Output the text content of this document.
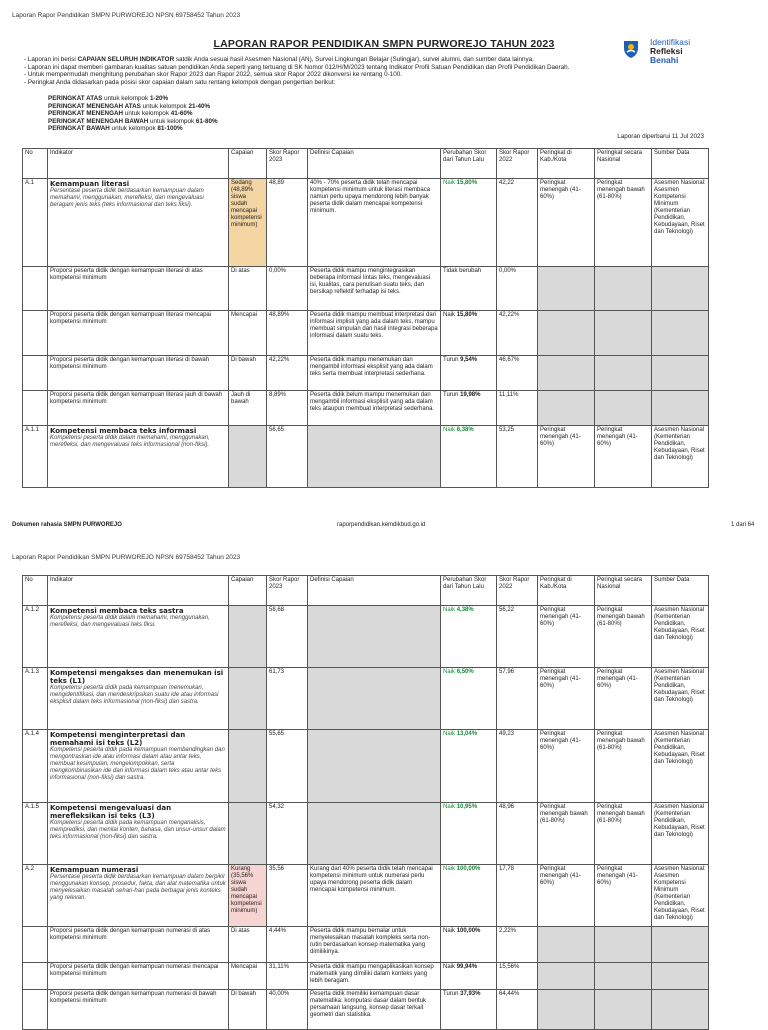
Laporan Rapor Pendidikan SMPN PURWOREJO NPSN 69758452 Tahun 2023
LAPORAN RAPOR PENDIDIKAN SMPN PURWOREJO TAHUN 2023	Identifikasi
Refleksi
Benahi
- Laporan ini berisi CAPAIAN SELURUH INDIKATOR satdik Anda sesuai hasil Asesmen Nasional (AN), Survei Lingkungan Belajar (Sulingjar), survei alumni, dan sumber data lainnya.
- Laporan ini dapat memberi gambaran kualitas satuan pendidikan Anda seperti yang tertuang di SK Nomor 012/H/M/2023 tentang Indikator Profil Satuan Pendidikan dan Profil Pendidikan Daerah.
- Untuk mempermudah menghitung perubahan skor Rapor 2023 dan Rapor 2022, semua skor Rapor 2022 dikonversi ke rentang 0-100.
- Peringkat Anda didasarkan pada posisi skor capaian dalam satu rentang kelompok dengan pengertian berikut:
PERINGKAT ATAS untuk kelompok 1-20%
PERINGKAT MENENGAH ATAS untuk kelompok 21-40%
PERINGKAT MENENGAH untuk kelompok 41-60%
PERINGKAT MENENGAH BAWAH untuk kelompok 61-80%
PERINGKAT BAWAH untuk kelompok 81-100%
Laporan diperbarui 11 Jul 2023
No	Indikator	Capaian	Skor Rapor 2023	Definisi Capaian	Perubahan Skor dari Tahun Lalu	Skor Rapor 2022	Peringkat di Kab./Kota	Peringkat secara Nasional	Sumber Data
A.1	Kemampuan literasi
Persentase peserta didik berdasarkan kemampuan dalam memahami, menggunakan, merefleksi, dan mengevaluasi beragam jenis teks (teks informasional dan teks fiksi).	Sedang (48,89% siswa sudah mencapai kompetensi minimum)	48,89	40% - 70% peserta didik telah mencapai kompetensi minimum untuk literasi membaca namun perlu upaya mendorong lebih banyak peserta didik dalam mencapai kompetensi minimum.	Naik 15,80%	42,22	Peringkat menengah (41-60%)	Peringkat menengah bawah (61-80%)	Asesmen Nasional: Asesmen Kompetensi Minimum (Kementerian Pendidikan, Kebudayaan, Riset dan Teknologi)

	Proporsi peserta didik dengan kemampuan literasi di atas kompetensi minimum	Di atas	0,00%	Peserta didik mampu mengintegrasikan beberapa informasi lintas teks, mengevaluasi isi, kualitas, cara penulisan suatu teks, dan bersikap reflektif terhadap isi teks.	Tidak berubah	0,00%			

	Proporsi peserta didik dengan kemampuan literasi mencapai kompetensi minimum	Mencapai	48,89%	Peserta didik mampu membuat interpretasi dari informasi implisit yang ada dalam teks, mampu membuat simpulan dari hasil integrasi beberapa informasi dalam suatu teks.	Naik 15,80%	42,22%			

	Proporsi peserta didik dengan kemampuan literasi di bawah kompetensi minimum	Di bawah	42,22%	Peserta didik mampu menemukan dan mengambil informasi eksplisit yang ada dalam teks serta membuat interpretasi sederhana.	Turun 9,54%	46,67%			

	Proporsi peserta didik dengan kemampuan literasi jauh di bawah kompetensi minimum	Jauh di bawah	8,89%	Peserta didik belum mampu menemukan dan mengambil informasi eksplisit yang ada dalam teks ataupun membuat interpretasi sederhana.	Turun 19,98%	11,11%			
A.1.1	Kompetensi membaca teks informasi
Kompetensi peserta didik dalam memahami, menggunakan, merefleksi, dan mengevaluasi teks informasional (non-fiksi).		56,65		Naik 6,38%	53,25	Peringkat menengah (41-60%)	Peringkat menengah (41-60%)	Asesmen Nasional (Kementerian Pendidikan, Kebudayaan, Riset dan Teknologi)
Dokumen rahasia SMPN PURWOREJO	raporpendidikan.kemdikbud.go.id	1 dari 64
Laporan Rapor Pendidikan SMPN PURWOREJO NPSN 69758452 Tahun 2023
No	Indikator	Capaian	Skor Rapor 2023	Definisi Capaian	Perubahan Skor dari Tahun Lalu	Skor Rapor 2022	Peringkat di Kab./Kota	Peringkat secara Nasional	Sumber Data
A.1.2	Kompetensi membaca teks sastra
Kompetensi peserta didik dalam memahami, menggunakan, merefleksi, dan mengevaluasi teks fiksi.		58,68		Naik 4,38%	56,22	Peringkat menengah (41-60%)	Peringkat menengah bawah (61-80%)	Asesmen Nasional (Kementerian Pendidikan, Kebudayaan, Riset dan Teknologi)
A.1.3	Kompetensi mengakses dan menemukan isi teks (L1)
Kompetensi peserta didik pada kemampuan menemukan, mengidentifikasi, dan mendeskripsikan suatu ide atau informasi eksplisit dalam teks informasional (non-fiksi) dan sastra.		61,73		Naik 6,50%	57,96	Peringkat menengah (41-60%)	Peringkat menengah (41-60%)	Asesmen Nasional (Kementerian Pendidikan, Kebudayaan, Riset dan Teknologi)
A.1.4	Kompetensi menginterpretasi dan memahami isi teks (L2)
Kompetensi peserta didik pada kemampuan membandingkan dan mengontraskan ide atau informasi dalam atau antar teks, membuat kesimpulan, mengelompokkan, serta mengkombinasikan ide dan informasi dalam teks atau antar teks informasional (non-fiksi) dan sastra.		55,65		Naik 13,04%	49,23	Peringkat menengah (41-60%)	Peringkat menengah bawah (61-80%)	Asesmen Nasional (Kementerian Pendidikan, Kebudayaan, Riset dan Teknologi)
A.1.5	Kompetensi mengevaluasi dan merefleksikan isi teks (L3)
Kompetensi peserta didik pada kemampuan menganalisis, memprediksi, dan menilai konten, bahasa, dan unsur-unsur dalam teks informasional (non-fiksi) dan sastra.		54,32		Naik 10,95%	48,96	Peringkat menengah bawah (61-80%)	Peringkat menengah bawah (61-80%)	Asesmen Nasional (Kementerian Pendidikan, Kebudayaan, Riset dan Teknologi)
A.2	Kemampuan numerasi
Persentase peserta didik berdasarkan kemampuan dalam berpikir menggunakan konsep, prosedur, fakta, dan alat matematika untuk menyelesaikan masalah sehari-hari pada berbagai jenis konteks yang relevan.	Kurang (35,56% siswa sudah mencapai kompetensi minimum)	35,56	Kurang dari 40% peserta didik telah mencapai kompetensi minimum untuk numerasi perlu upaya mendorong peserta didik dalam mencapai kompetensi minimum.	Naik 100,00%	17,78	Peringkat menengah (41-60%)	Peringkat menengah (41-60%)	Asesmen Nasional: Asesmen Kompetensi Minimum (Kementerian Pendidikan, Kebudayaan, Riset dan Teknologi)

	Proporsi peserta didik dengan kemampuan numerasi di atas kompetensi minimum	Di atas	4,44%	Peserta didik mampu bernalar untuk menyelesaikan masalah kompleks serta non-rutin berdasarkan konsep matematika yang dimilikinya.	Naik 100,00%	2,22%			

	Proporsi peserta didik dengan kemampuan numerasi mencapai kompetensi minimum	Mencapai	31,11%	Peserta didik mampu mengaplikasikan konsep matematik yang dimiliki dalam konteks yang lebih beragam.	Naik 99,94%	15,56%			

	Proporsi peserta didik dengan kemampuan numerasi di bawah kompetensi minimum	Di bawah	40,00%	Peserta didik memiliki kemampuan dasar matematika: komputasi dasar dalam bentuk persamaan langsung, konsep dasar terkait geometri dan statistika.	Turun 37,93%	64,44%			
